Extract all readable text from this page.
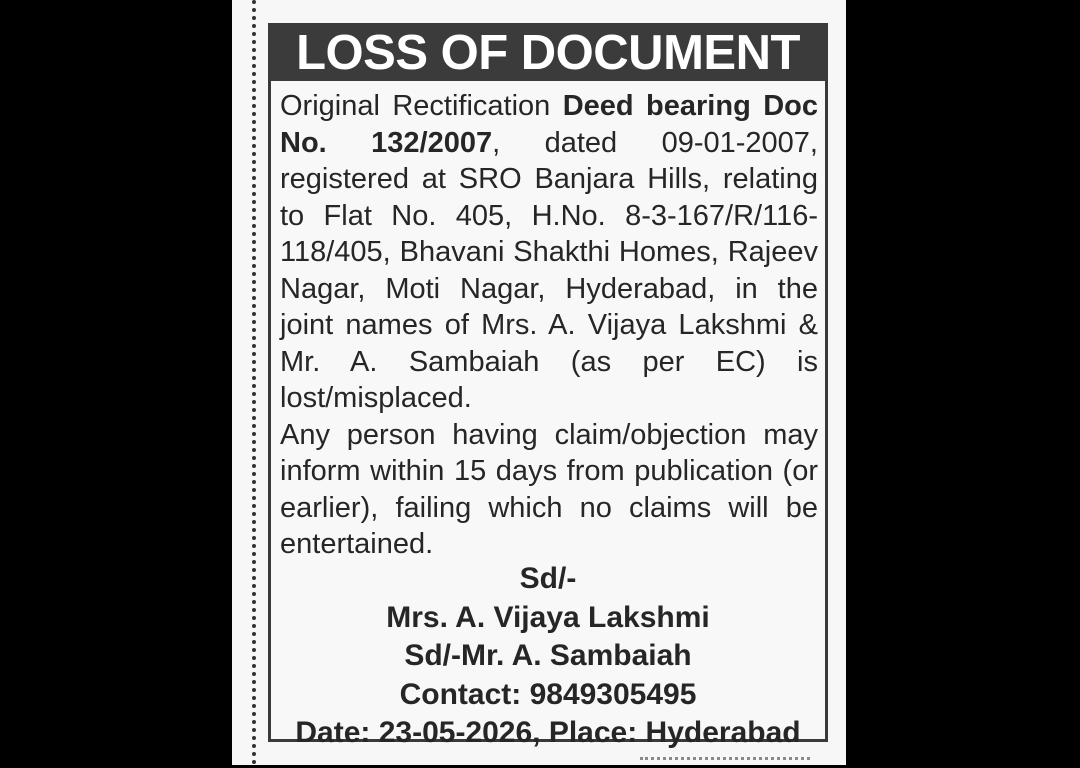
LOSS OF DOCUMENT

Original Rectification Deed bearing Doc No. 132/2007, dated 09-01-2007, registered at SRO Banjara Hills, relating to Flat No. 405, H.No. 8-3-167/R/116-118/405, Bhavani Shakthi Homes, Rajeev Nagar, Moti Nagar, Hyderabad, in the joint names of Mrs. A. Vijaya Lakshmi & Mr. A. Sambaiah (as per EC) is lost/misplaced.

Any person having claim/objection may inform within 15 days from publication (or earlier), failing which no claims will be entertained.

Sd/-
Mrs. A. Vijaya Lakshmi
Sd/-Mr. A. Sambaiah
Contact: 9849305495
Date: 23-05-2026, Place: Hyderabad
